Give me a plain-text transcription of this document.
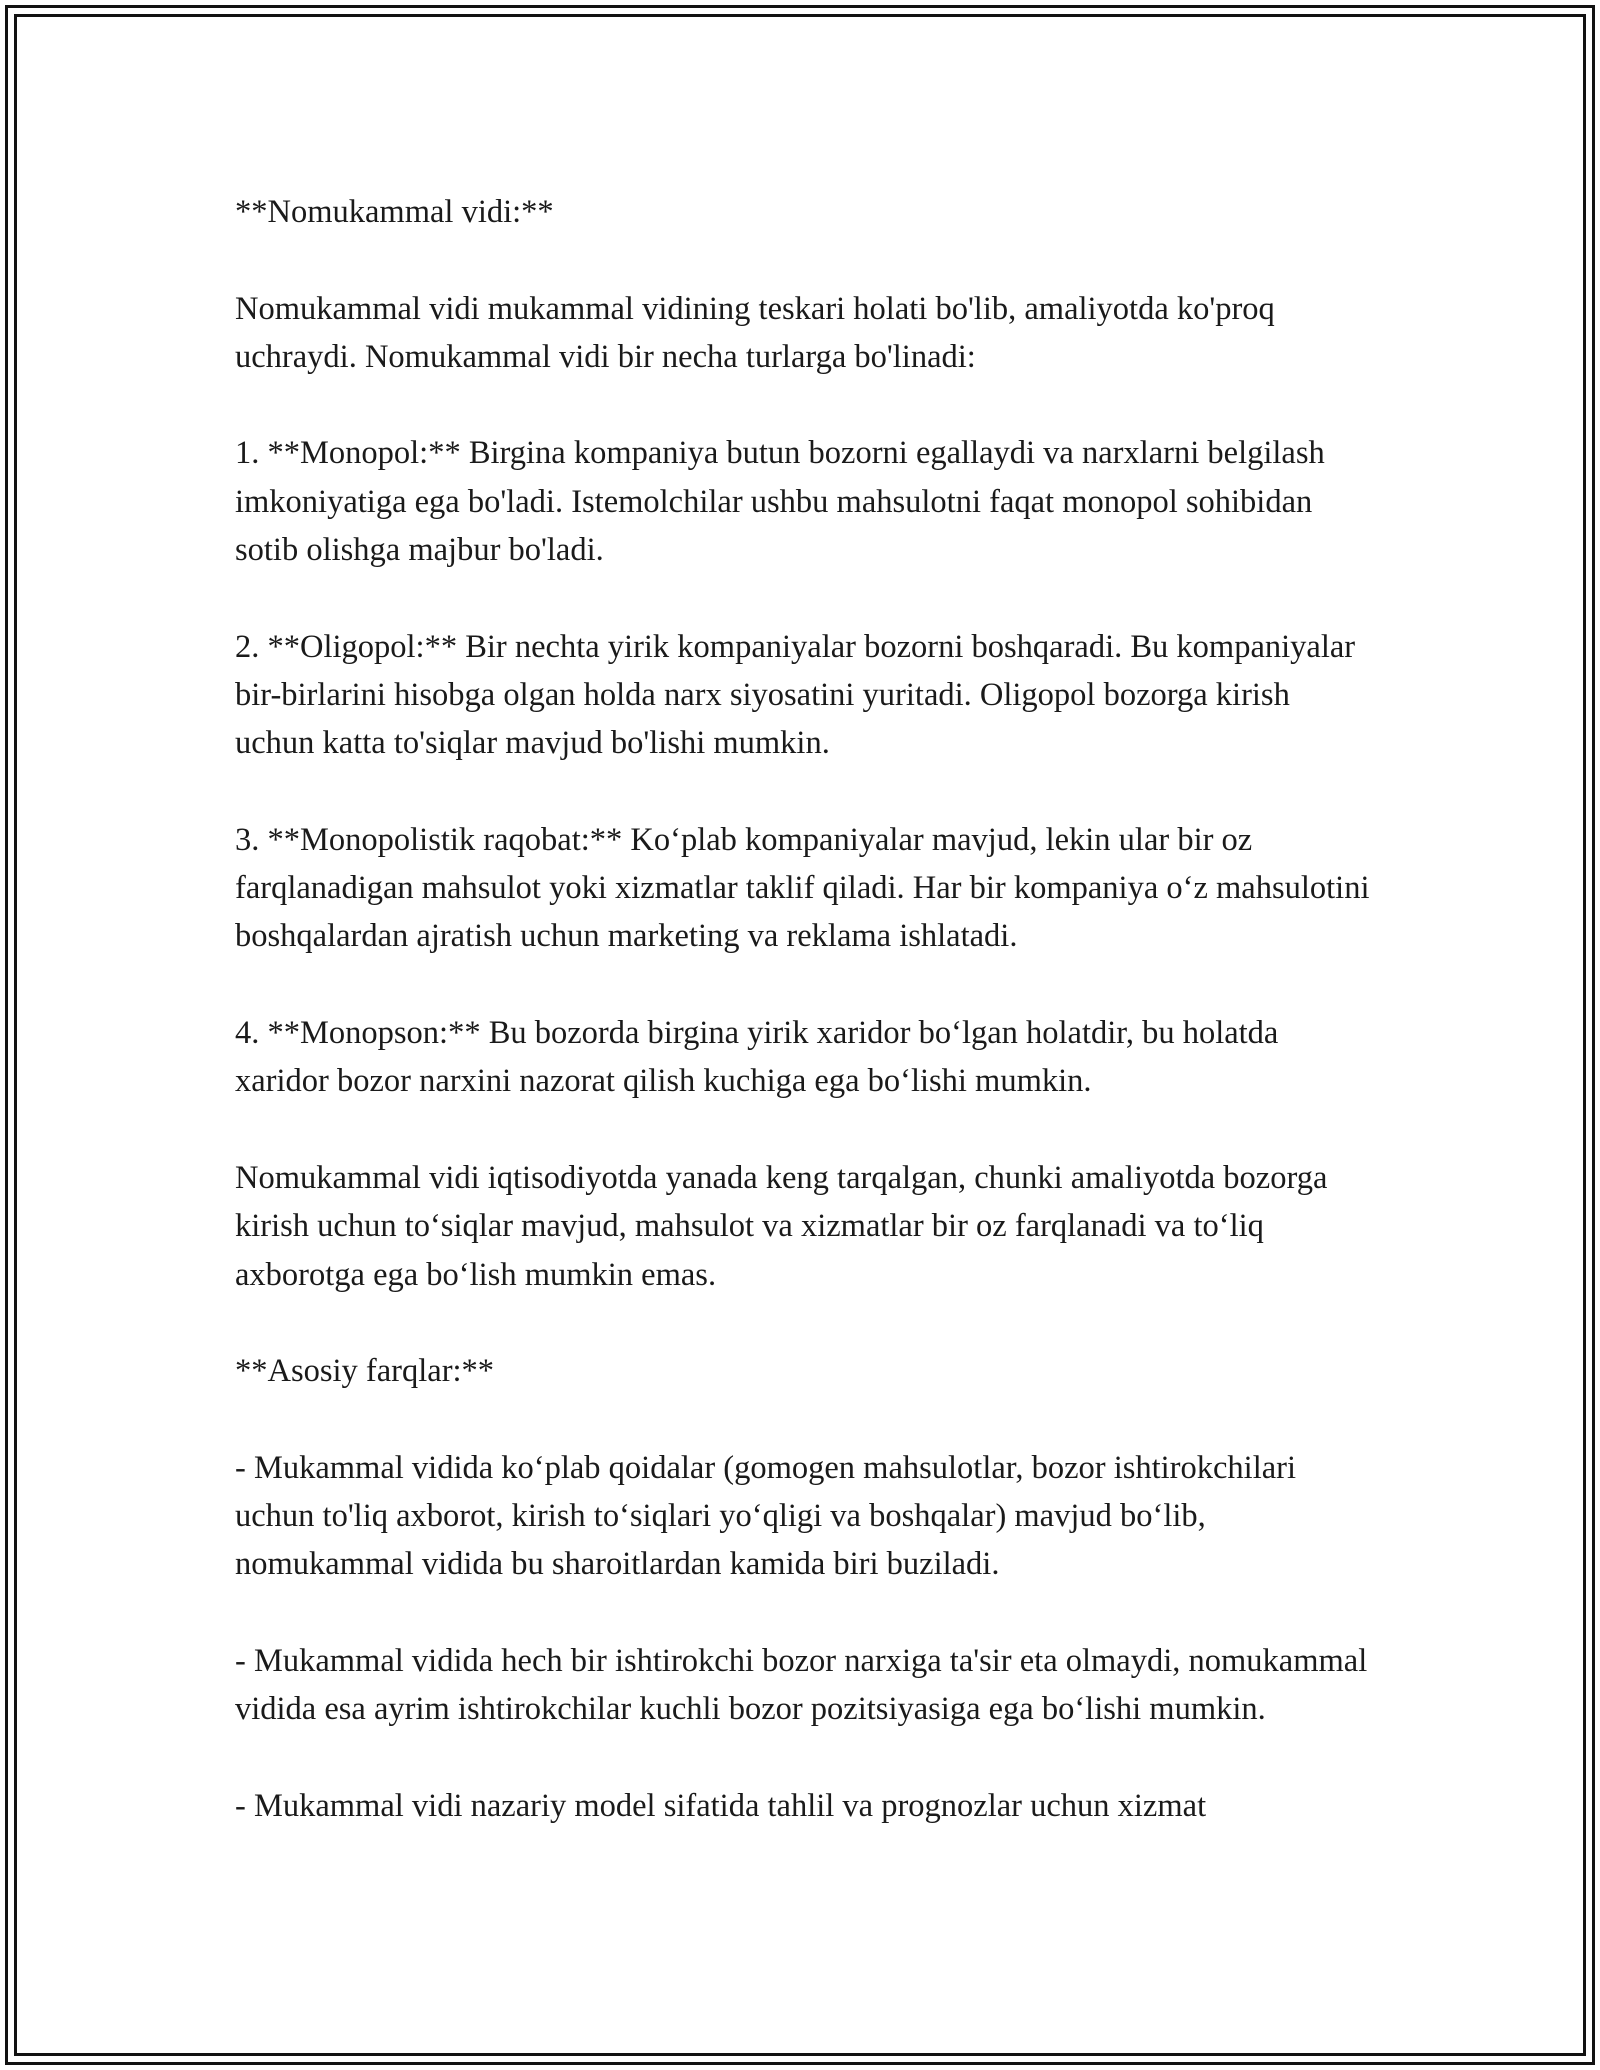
**Nomukammal vidi:**

Nomukammal vidi mukammal vidining teskari holati bo'lib, amaliyotda ko'proq uchraydi. Nomukammal vidi bir necha turlarga bo'linadi:

1. **Monopol:** Birgina kompaniya butun bozorni egallaydi va narxlarni belgilash imkoniyatiga ega bo'ladi. Istemolchilar ushbu mahsulotni faqat monopol sohibidan sotib olishga majbur bo'ladi.

2. **Oligopol:** Bir nechta yirik kompaniyalar bozorni boshqaradi. Bu kompaniyalar bir-birlarini hisobga olgan holda narx siyosatini yuritadi. Oligopol bozorga kirish uchun katta to'siqlar mavjud bo'lishi mumkin.

3. **Monopolistik raqobat:** Koʻplab kompaniyalar mavjud, lekin ular bir oz farqlanadigan mahsulot yoki xizmatlar taklif qiladi. Har bir kompaniya oʻz mahsulotini boshqalardan ajratish uchun marketing va reklama ishlatadi.

4. **Monopson:** Bu bozorda birgina yirik xaridor boʻlgan holatdir, bu holatda xaridor bozor narxini nazorat qilish kuchiga ega boʻlishi mumkin.

Nomukammal vidi iqtisodiyotda yanada keng tarqalgan, chunki amaliyotda bozorga kirish uchun toʻsiqlar mavjud, mahsulot va xizmatlar bir oz farqlanadi va toʻliq axborotga ega boʻlish mumkin emas.

**Asosiy farqlar:**

- Mukammal vidida koʻplab qoidalar (gomogen mahsulotlar, bozor ishtirokchilari uchun to'liq axborot, kirish toʻsiqlari yoʻqligi va boshqalar) mavjud boʻlib, nomukammal vidida bu sharoitlardan kamida biri buziladi.

- Mukammal vidida hech bir ishtirokchi bozor narxiga ta'sir eta olmaydi, nomukammal vidida esa ayrim ishtirokchilar kuchli bozor pozitsiyasiga ega boʻlishi mumkin.

- Mukammal vidi nazariy model sifatida tahlil va prognozlar uchun xizmat
